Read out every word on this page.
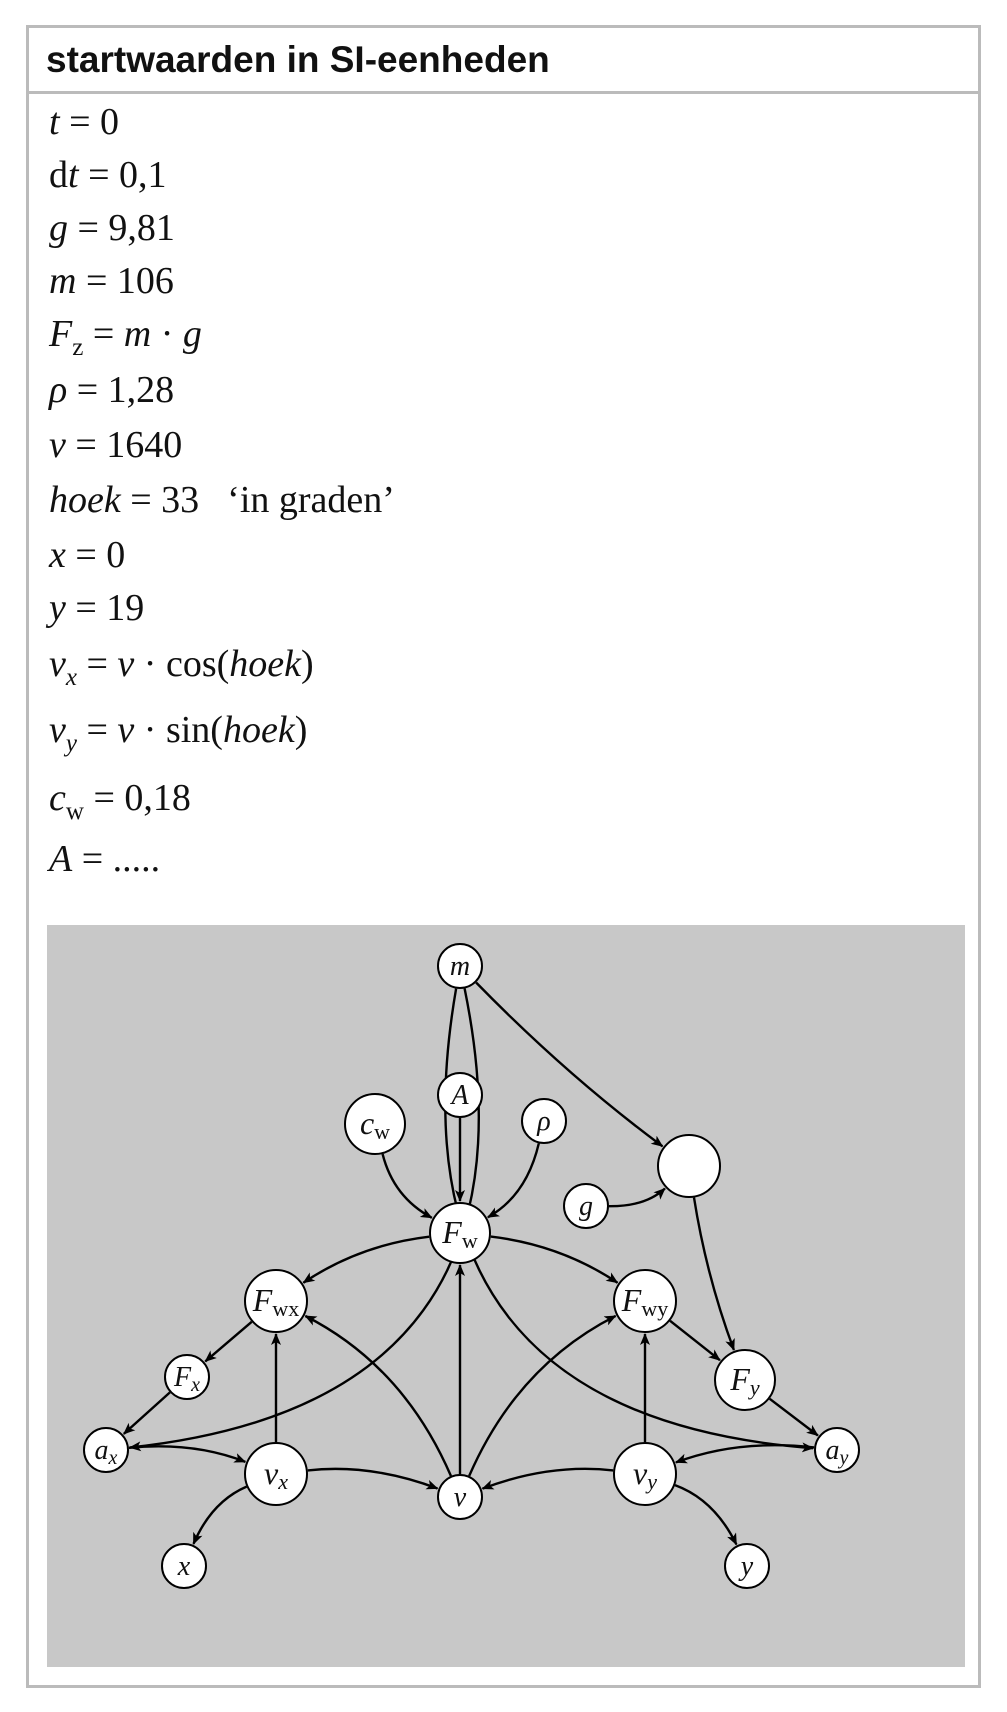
startwaarden in SI-eenheden
t = 0
dt = 0,1
g = 9,81
m = 106
$F_z = m \cdot g$
ρ = 1,28
v = 1640
hoek = 33 ‘in graden’
x = 0
y = 19
$v_x = v$ · cos(hoek)
$v_y = v$ · sin(hoek)
$c_w = 0,18$
A = .....
m
A
cw	ρ
g
Fw
Fwx	Fwy
Fx	Fy
ax	ay
vx	vy
v
x	y
